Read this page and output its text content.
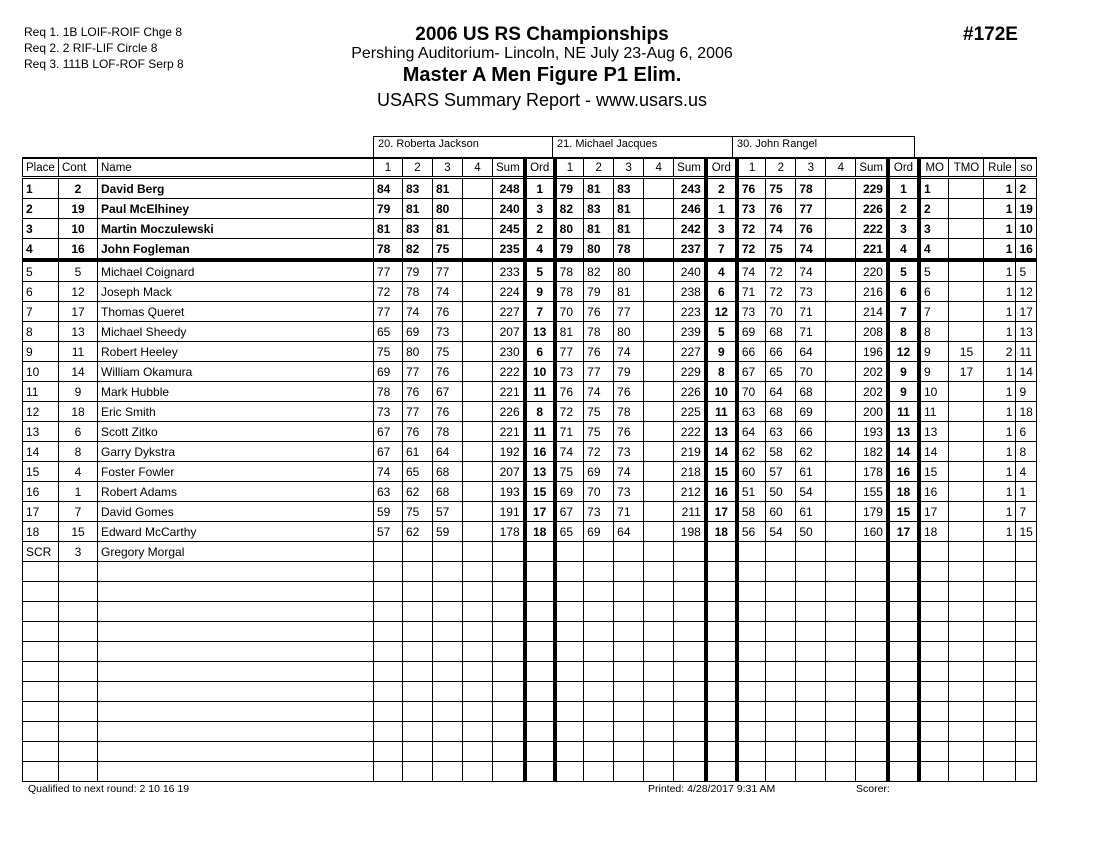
Req 1. 1B LOIF-ROIF Chge 8
Req 2. 2 RIF-LIF Circle 8
Req 3. 111B LOF-ROF Serp 8
2006 US RS Championships
Pershing Auditorium- Lincoln, NE July 23-Aug 6, 2006
Master A Men Figure P1 Elim.
USARS Summary Report - www.usars.us
#172E
20. Roberta Jackson	21. Michael Jacques	30. John Rangel
Place	Cont	Name	1	2	3	4	Sum	Ord	1	2	3	4	Sum	Ord	1	2	3	4	Sum	Ord	MO	TMO	Rule	so
1	2	David Berg	84	83	81		248	1	79	81	83		243	2	76	75	78		229	1	1		1	2
2	19	Paul McElhiney	79	81	80		240	3	82	83	81		246	1	73	76	77		226	2	2		1	19
3	10	Martin Moczulewski	81	83	81		245	2	80	81	81		242	3	72	74	76		222	3	3		1	10
4	16	John Fogleman	78	82	75		235	4	79	80	78		237	7	72	75	74		221	4	4		1	16
5	5	Michael Coignard	77	79	77		233	5	78	82	80		240	4	74	72	74		220	5	5		1	5
6	12	Joseph Mack	72	78	74		224	9	78	79	81		238	6	71	72	73		216	6	6		1	12
7	17	Thomas Queret	77	74	76		227	7	70	76	77		223	12	73	70	71		214	7	7		1	17
8	13	Michael Sheedy	65	69	73		207	13	81	78	80		239	5	69	68	71		208	8	8		1	13
9	11	Robert Heeley	75	80	75		230	6	77	76	74		227	9	66	66	64		196	12	9	15	2	11
10	14	William Okamura	69	77	76		222	10	73	77	79		229	8	67	65	70		202	9	9	17	1	14
11	9	Mark Hubble	78	76	67		221	11	76	74	76		226	10	70	64	68		202	9	10		1	9
12	18	Eric Smith	73	77	76		226	8	72	75	78		225	11	63	68	69		200	11	11		1	18
13	6	Scott Zitko	67	76	78		221	11	71	75	76		222	13	64	63	66		193	13	13		1	6
14	8	Garry Dykstra	67	61	64		192	16	74	72	73		219	14	62	58	62		182	14	14		1	8
15	4	Foster Fowler	74	65	68		207	13	75	69	74		218	15	60	57	61		178	16	15		1	4
16	1	Robert Adams	63	62	68		193	15	69	70	73		212	16	51	50	54		155	18	16		1	1
17	7	David Gomes	59	75	57		191	17	67	73	71		211	17	58	60	61		179	15	17		1	7
18	15	Edward McCarthy	57	62	59		178	18	65	69	64		198	18	56	54	50		160	17	18		1	15
SCR	3	Gregory Morgal																						

Qualified to next round: 2 10 16 19	Printed: 4/28/2017 9:31 AM	Scorer:
